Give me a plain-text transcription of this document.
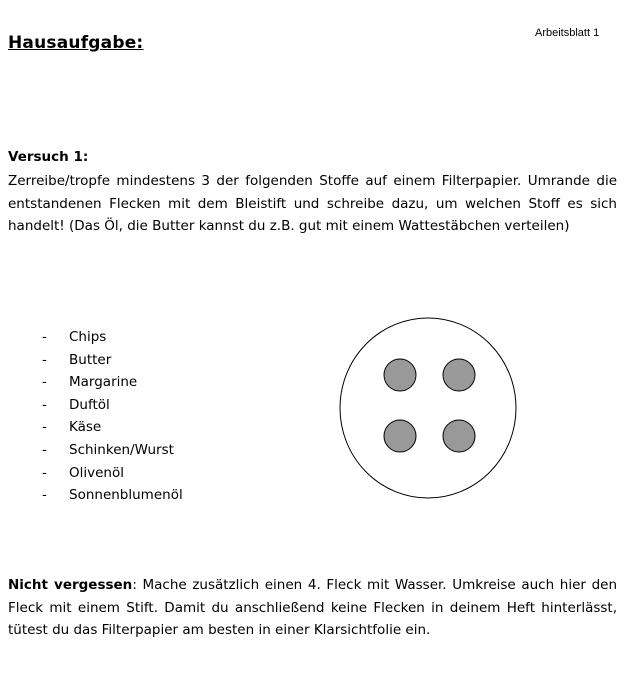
Arbeitsblatt 1
Hausaufgabe:
Versuch 1:

Zerreibe/tropfe mindestens 3 der folgenden Stoffe auf einem Filterpapier. Umrande die entstandenen Flecken mit dem Bleistift und schreibe dazu, um welchen Stoff es sich handelt! (Das Öl, die Butter kannst du z.B. gut mit einem Wattestäbchen verteilen)

-	Chips
-	Butter
-	Margarine
-	Duftöl
-	Käse
-	Schinken/Wurst
-	Olivenöl
-	Sonnenblumenöl

Nicht vergessen: Mache zusätzlich einen 4. Fleck mit Wasser. Umkreise auch hier den Fleck mit einem Stift. Damit du anschließend keine Flecken in deinem Heft hinterlässt, tütest du das Filterpapier am besten in einer Klarsichtfolie ein.
